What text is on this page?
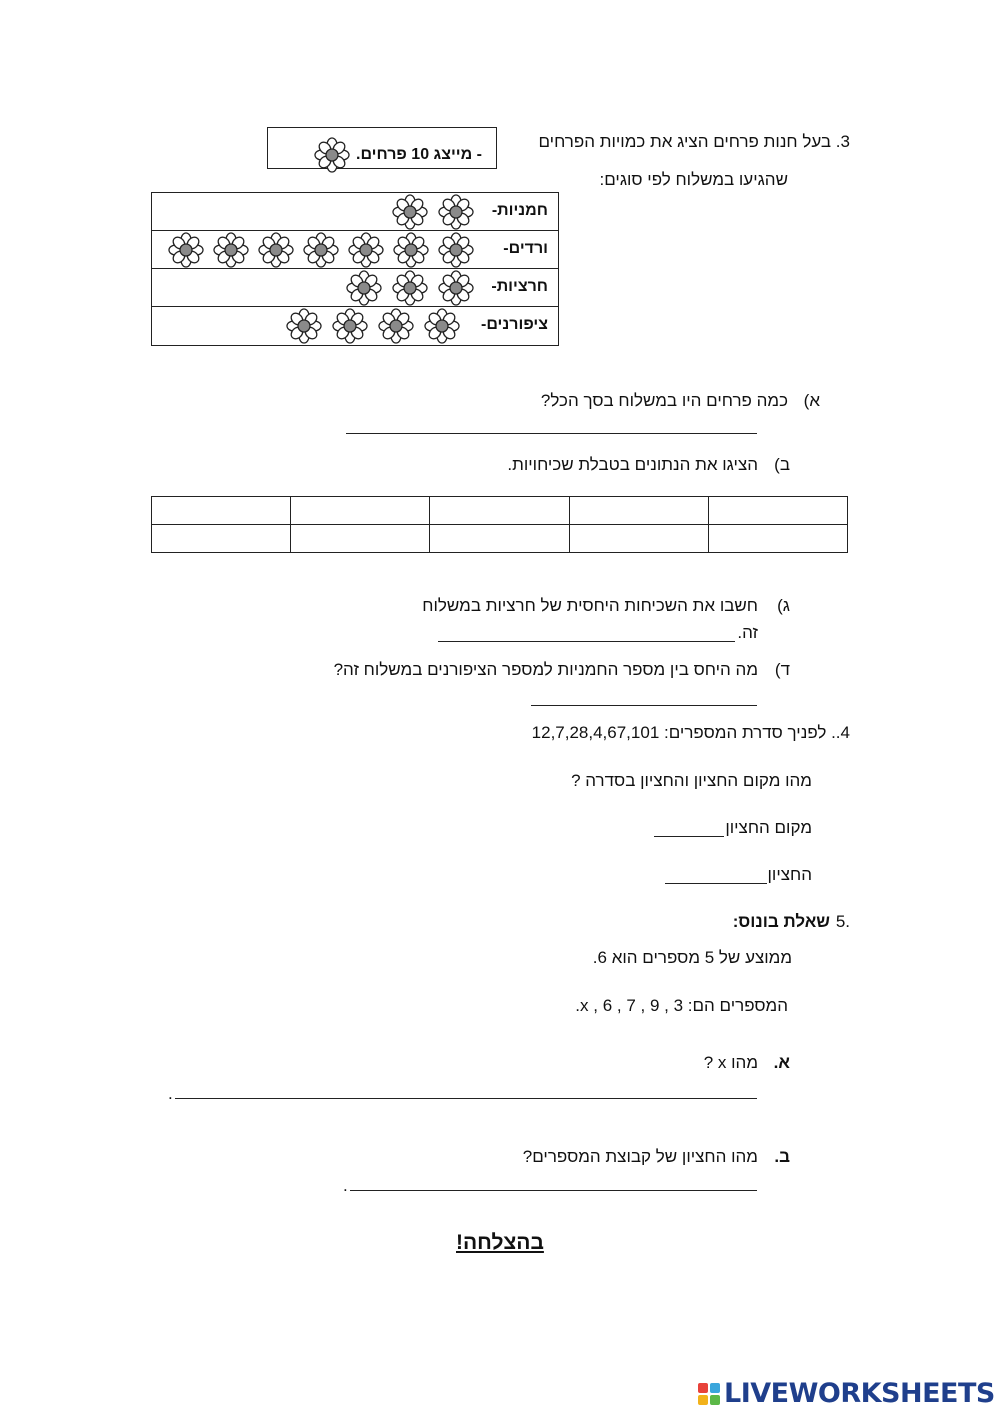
3. בעל חנות פרחים הציג את כמויות הפרחים
שהגיעו במשלוח לפי סוגים:
- מייצג 10 פרחים.
חמניות-
ורדים-
חרציות-
ציפורנים-
כמה פרחים היו במשלוח בסך הכל? א)
הציגו את הנתונים בטבלת שכיחויות. ב)

חשבו את השכיחות היחסית של חרציות במשלוח ג)
זה.
מה היחס בין מספר החמניות למספר הציפורנים במשלוח זה? ד)
4.. לפניך סדרת המספרים: 12,7,28,4,67,101
מהו מקום החציון והחציון בסדרה ?
מקום החציון
החציון
שאלת בונוס: 5.
ממוצע של 5 מספרים הוא 6.
המספרים הם: x , 6 , 7 , 9 , 3.
מהו x ? א.
.
מהו החציון של קבוצת המספרים? ב.
.
בהצלחה!
LIVEWORKSHEETS
